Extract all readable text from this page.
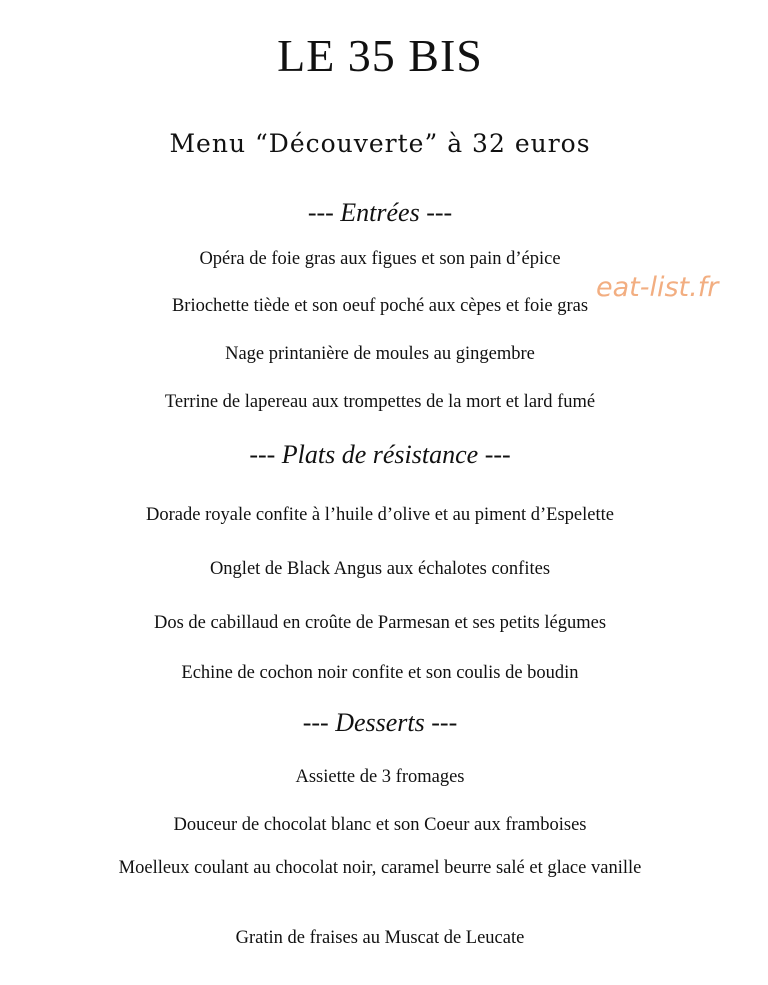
LE 35 BIS
Menu “Découverte” à 32 euros
--- Entrées ---
Opéra de foie gras aux figues et son pain d’épice
Briochette tiède et son oeuf poché aux cèpes et foie gras
Nage printanière de moules au gingembre
Terrine de lapereau aux trompettes de la mort et lard fumé
--- Plats de résistance ---
Dorade royale confite à l’huile d’olive et au piment d’Espelette
Onglet de Black Angus aux échalotes confites
Dos de cabillaud en croûte de Parmesan et ses petits légumes
Echine de cochon noir confite et son coulis de boudin
--- Desserts ---
Assiette de 3 fromages
Douceur de chocolat blanc et son Coeur aux framboises
Moelleux coulant au chocolat noir, caramel beurre salé et glace vanille
Gratin de fraises au Muscat de Leucate
eat-list.fr
